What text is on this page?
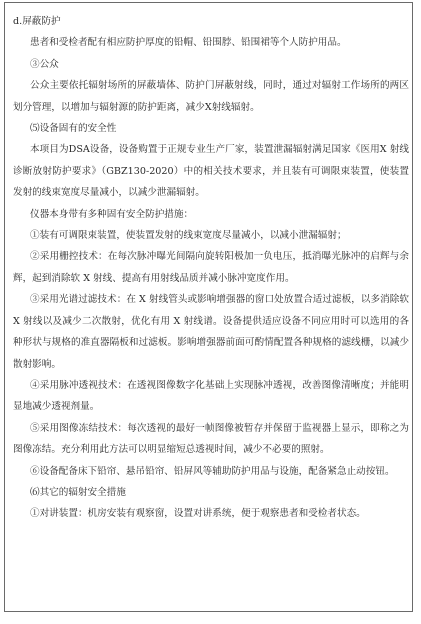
d.屏蔽防护

患者和受检者配有相应防护厚度的铅帽、铅围脖、铅围裙等个人防护用品。

③公众

公众主要依托辐射场所的屏蔽墙体、防护门屏蔽射线，同时，通过对辐射工作场所的两区划分管理，以增加与辐射源的防护距离，减少X射线辐射。

⑸设备固有的安全性

本项目为DSA设备，设备购置于正规专业生产厂家，装置泄漏辐射满足国家《医用X 射线诊断放射防护要求》（GBZ130-2020）中的相关技术要求，并且装有可调限束装置，使装置发射的线束宽度尽量减小，以减少泄漏辐射。

仪器本身带有多种固有安全防护措施：

①装有可调限束装置，使装置发射的线束宽度尽量减小，以减小泄漏辐射；

②采用栅控技术：在每次脉冲曝光间隔向旋转阳极加一负电压，抵消曝光脉冲的启辉与余辉，起到消除软 X 射线、提高有用射线品质并减小脉冲宽度作用。

③采用光谱过滤技术：在 X 射线管头或影响增强器的窗口处放置合适过滤板，以多消除软 X 射线以及减少二次散射，优化有用 X 射线谱。设备提供适应设备不同应用时可以选用的各种形状与规格的准直器隔板和过滤板。影响增强器前面可酌情配置各种规格的滤线栅，以减少散射影响。

④采用脉冲透视技术：在透视图像数字化基础上实现脉冲透视，改善图像清晰度；并能明显地减少透视剂量。

⑤采用图像冻结技术：每次透视的最好一帧图像被暂存并保留于监视器上显示，即称之为图像冻结。充分利用此方法可以明显缩短总透视时间，减少不必要的照射。

⑥设备配备床下铅帘、悬吊铅帘、铅屏风等辅助防护用品与设施，配备紧急止动按钮。

⑹其它的辐射安全措施

①对讲装置：机房安装有观察窗，设置对讲系统，便于观察患者和受检者状态。
